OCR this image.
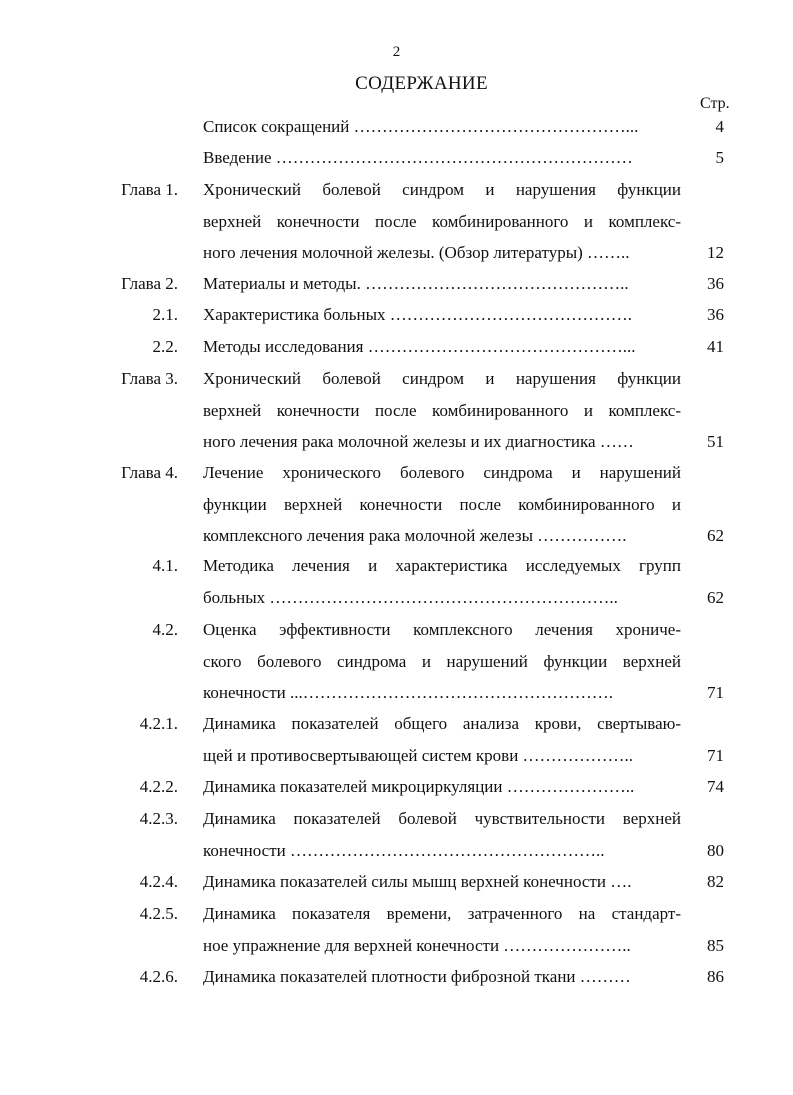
2
СОДЕРЖАНИЕ
Стр.
Список сокращений …………………………………………...	4
Введение ………………………………………………………	5
Глава 1. Хронический болевой синдром и нарушения функции
верхней конечности после комбинированного и комплекс-
ного лечения молочной железы. (Обзор литературы) ……..	12
Глава 2. Материалы и методы. ………………………………………..	36
2.1. Характеристика больных …………………………………….	36
2.2. Методы исследования ………………………………………...	41
Глава 3. Хронический болевой синдром и нарушения функции
верхней конечности после комбинированного и комплекс-
ного лечения рака молочной железы и их диагностика ……	51
Глава 4. Лечение хронического болевого синдрома и нарушений
функции верхней конечности после комбинированного и
комплексного лечения рака молочной железы …………….	62
4.1. Методика лечения и характеристика исследуемых групп
больных ……………………………………………………..	62
4.2. Оценка эффективности комплексного лечения хрониче-
ского болевого синдрома и нарушений функции верхней
конечности ...……………………………………………….	71
4.2.1. Динамика показателей общего анализа крови, свертываю-
щей и противосвертывающей систем крови ………………..	71
4.2.2. Динамика показателей микроциркуляции …………………..	74
4.2.3. Динамика показателей болевой чувствительности верхней
конечности ………………………………………………..	80
4.2.4. Динамика показателей силы мышц верхней конечности ….	82
4.2.5. Динамика показателя времени, затраченного на стандарт-
ное упражнение для верхней конечности …………………..	85
4.2.6. Динамика показателей плотности фиброзной ткани ………	86
